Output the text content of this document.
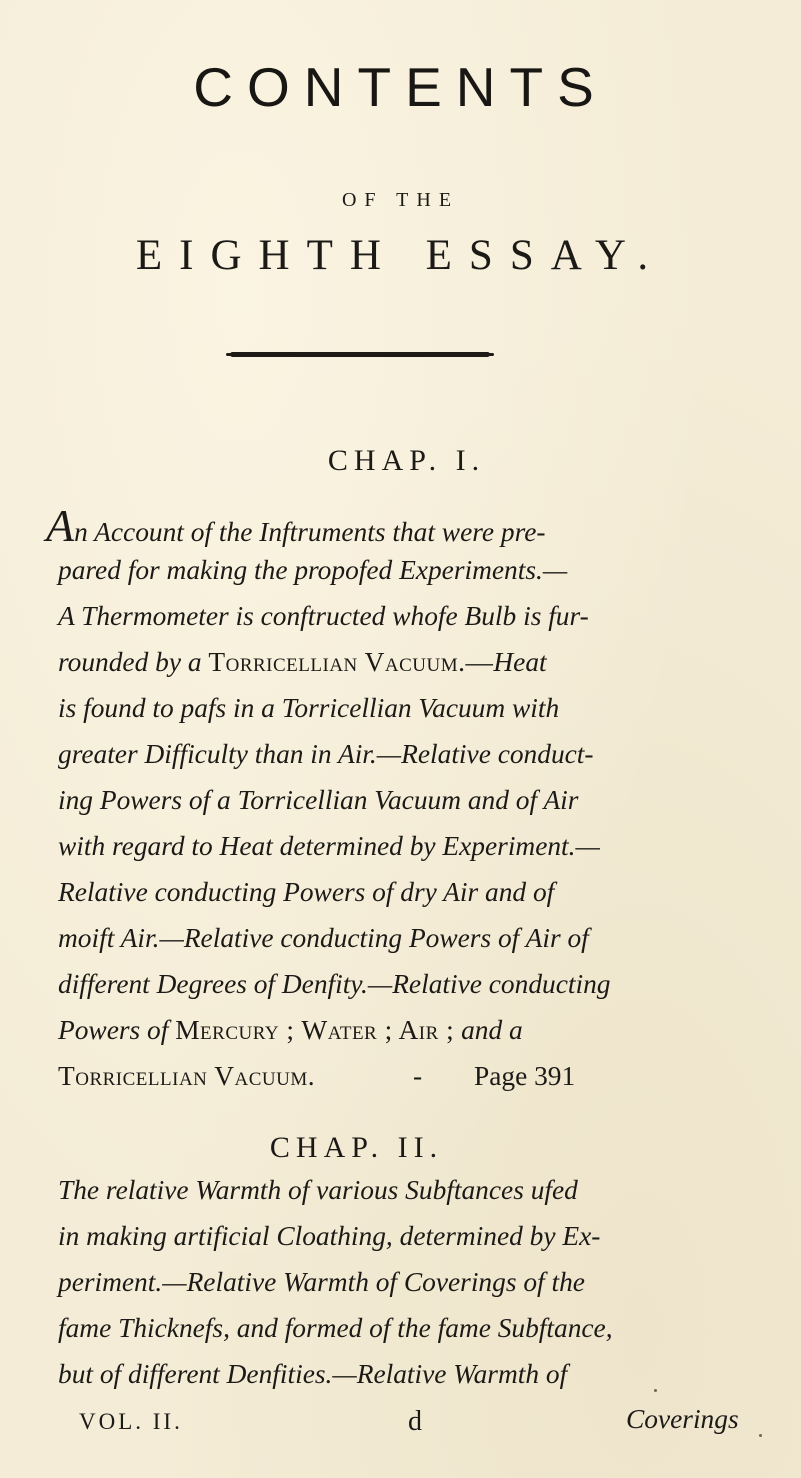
CONTENTS
OF THE
EIGHTH ESSAY.
CHAP. I.
An Account of the Inftruments that were pre-
pared for making the propofed Experiments.—
A Thermometer is conftructed whofe Bulb is fur-
rounded by a Torricellian Vacuum.—Heat
is found to pafs in a Torricellian Vacuum with
greater Difficulty than in Air.—Relative conduct-
ing Powers of a Torricellian Vacuum and of Air
with regard to Heat determined by Experiment.—
Relative conducting Powers of dry Air and of
moift Air.—Relative conducting Powers of Air of
different Degrees of Denfity.—Relative conducting
Powers of Mercury ; Water ; Air ; and a
Torricellian Vacuum.	- Page 391
CHAP. II.
The relative Warmth of various Subftances ufed
in making artificial Cloathing, determined by Ex-
periment.—Relative Warmth of Coverings of the
fame Thicknefs, and formed of the fame Subftance,
but of different Denfities.—Relative Warmth of
VOL. II.	d	Coverings
